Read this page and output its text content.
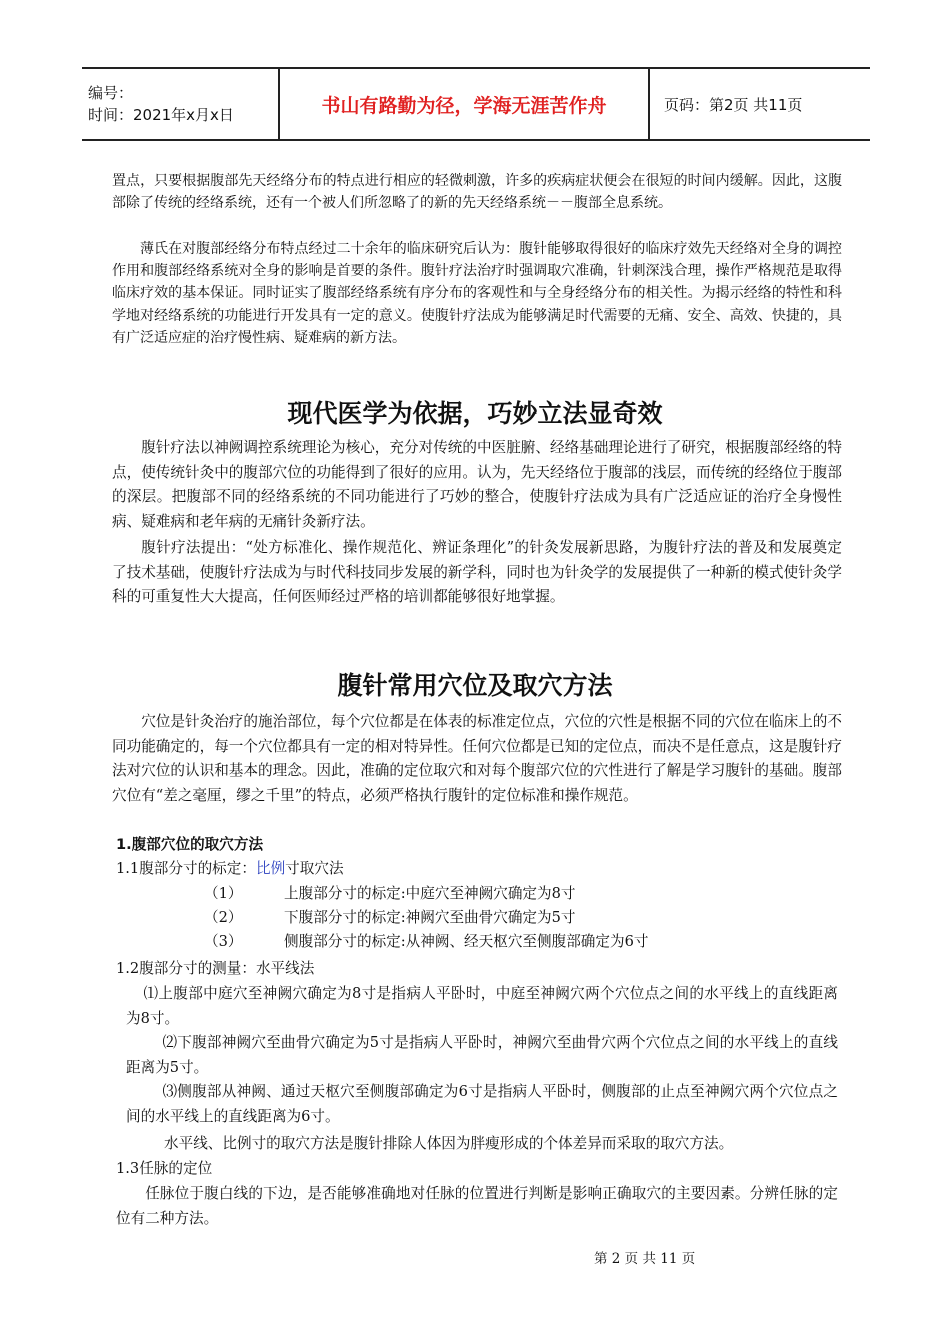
编号：
时间：2021年x月x日	书山有路勤为径，学海无涯苦作舟	页码：第2页 共11页

置点，只要根据腹部先天经络分布的特点进行相应的轻微刺激，许多的疾病症状便会在很短的时间内缓解。因此，这腹部除了传统的经络系统，还有一个被人们所忽略了的新的先天经络系统－－腹部全息系统。

薄氏在对腹部经络分布特点经过二十余年的临床研究后认为：腹针能够取得很好的临床疗效先天经络对全身的调控作用和腹部经络系统对全身的影响是首要的条件。腹针疗法治疗时强调取穴准确，针刺深浅合理，操作严格规范是取得临床疗效的基本保证。同时证实了腹部经络系统有序分布的客观性和与全身经络分布的相关性。为揭示经络的特性和科学地对经络系统的功能进行开发具有一定的意义。使腹针疗法成为能够满足时代需要的无痛、安全、高效、快捷的，具有广泛适应症的治疗慢性病、疑难病的新方法。

现代医学为依据，巧妙立法显奇效

腹针疗法以神阙调控系统理论为核心，充分对传统的中医脏腑、经络基础理论进行了研究，根据腹部经络的特点，使传统针灸中的腹部穴位的功能得到了很好的应用。认为，先天经络位于腹部的浅层，而传统的经络位于腹部的深层。把腹部不同的经络系统的不同功能进行了巧妙的整合，使腹针疗法成为具有广泛适应证的治疗全身慢性病、疑难病和老年病的无痛针灸新疗法。

腹针疗法提出：“处方标准化、操作规范化、辨证条理化”的针灸发展新思路，为腹针疗法的普及和发展奠定了技术基础，使腹针疗法成为与时代科技同步发展的新学科，同时也为针灸学的发展提供了一种新的模式使针灸学科的可重复性大大提高，任何医师经过严格的培训都能够很好地掌握。

腹针常用穴位及取穴方法

穴位是针灸治疗的施治部位，每个穴位都是在体表的标准定位点，穴位的穴性是根据不同的穴位在临床上的不同功能确定的，每一个穴位都具有一定的相对特异性。任何穴位都是已知的定位点，而决不是任意点，这是腹针疗法对穴位的认识和基本的理念。因此，准确的定位取穴和对每个腹部穴位的穴性进行了解是学习腹针的基础。腹部穴位有“差之毫厘，缪之千里”的特点，必须严格执行腹针的定位标准和操作规范。

1.腹部穴位的取穴方法

1.1腹部分寸的标定：比例寸取穴法

（1）	上腹部分寸的标定:中庭穴至神阙穴确定为8寸

（2）	下腹部分寸的标定:神阙穴至曲骨穴确定为5寸

（3）	侧腹部分寸的标定:从神阙、经天枢穴至侧腹部确定为6寸

1.2腹部分寸的测量：水平线法

⑴上腹部中庭穴至神阙穴确定为8寸是指病人平卧时，中庭至神阙穴两个穴位点之间的水平线上的直线距离为8寸。

⑵下腹部神阙穴至曲骨穴确定为5寸是指病人平卧时，神阙穴至曲骨穴两个穴位点之间的水平线上的直线距离为5寸。

⑶侧腹部从神阙、通过天枢穴至侧腹部确定为6寸是指病人平卧时，侧腹部的止点至神阙穴两个穴位点之间的水平线上的直线距离为6寸。

水平线、比例寸的取穴方法是腹针排除人体因为胖瘦形成的个体差异而采取的取穴方法。

1.3任脉的定位

任脉位于腹白线的下边，是否能够准确地对任脉的位置进行判断是影响正确取穴的主要因素。分辨任脉的定位有二种方法。

第 2 页 共 11 页
